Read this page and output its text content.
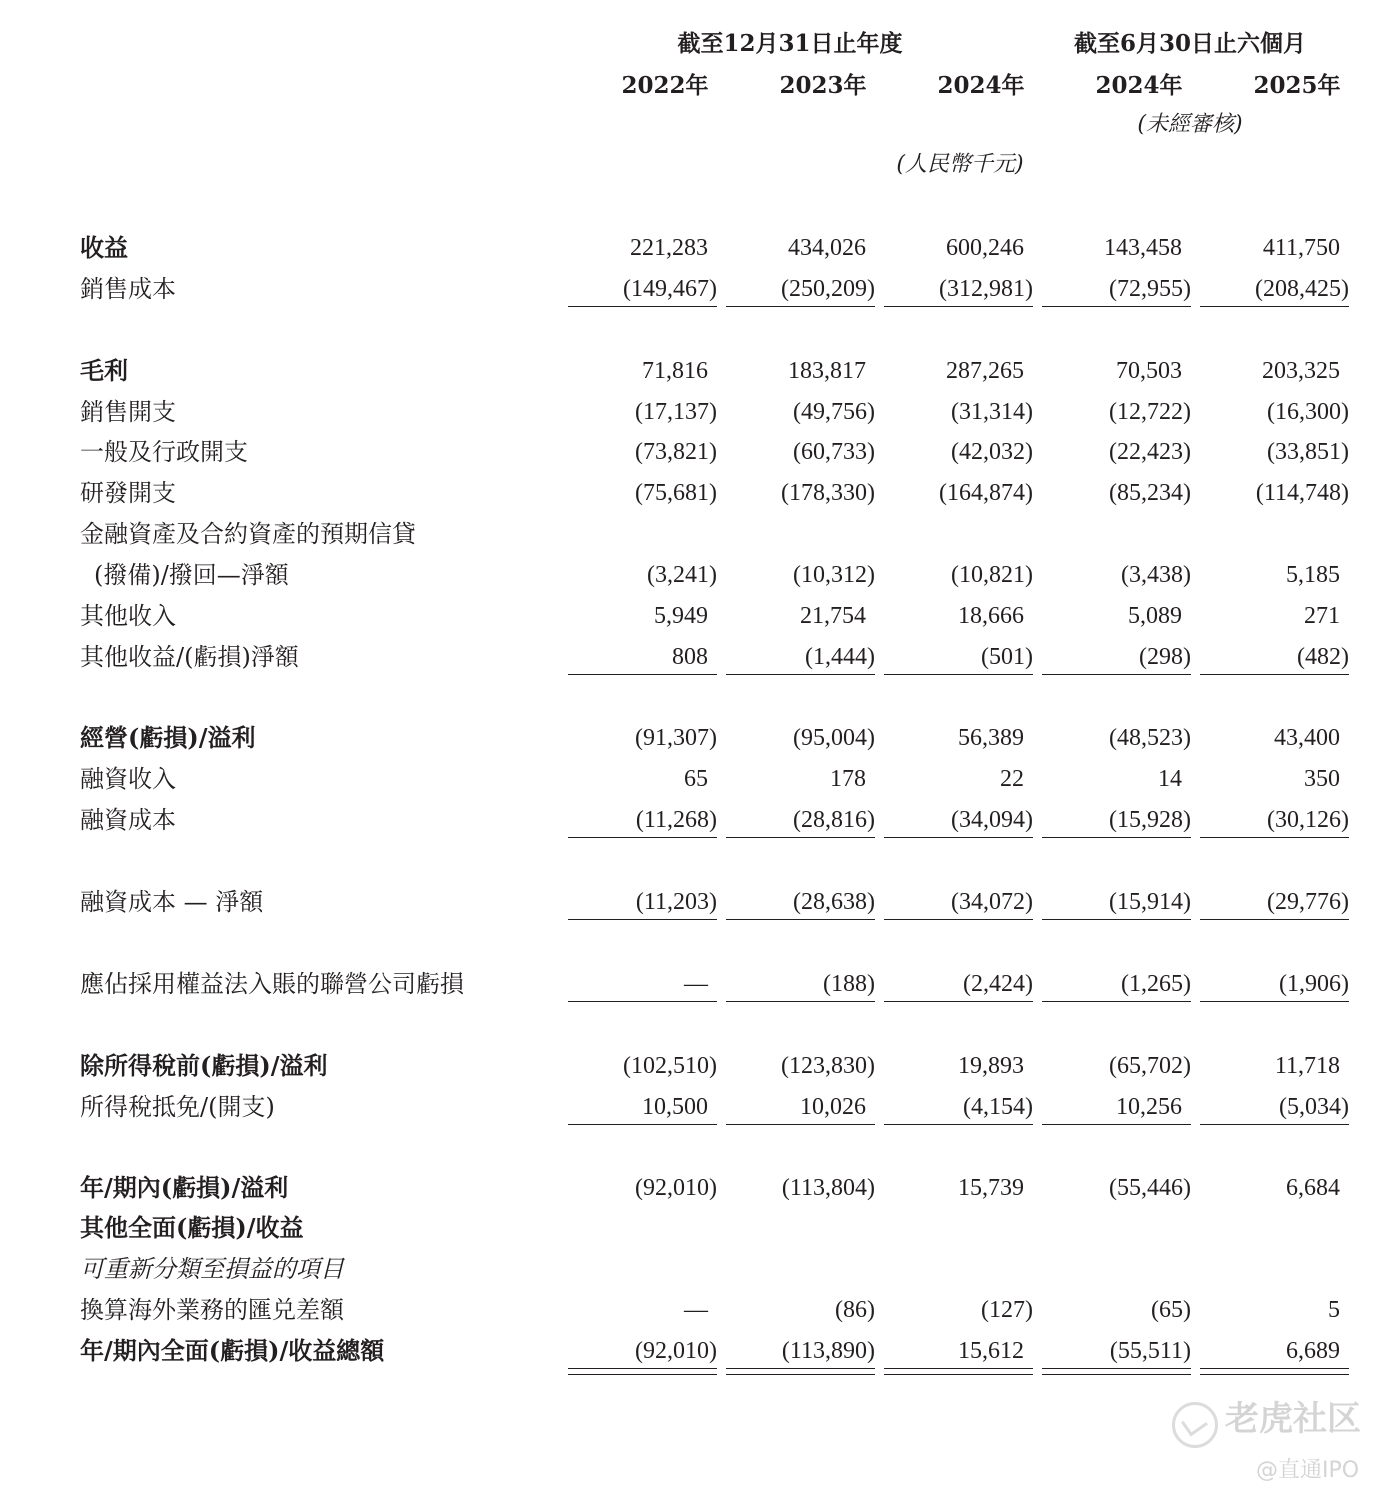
截至12月31日止年度	截至6月30日止六個月
2022年	2023年	2024年	2024年	2025年
(未經審核)
(人民幣千元)
收益	221,283	434,026	600,246	143,458	411,750
銷售成本	(149,467)	(250,209)	(312,981)	(72,955)	(208,425)
毛利	71,816	183,817	287,265	70,503	203,325
銷售開支	(17,137)	(49,756)	(31,314)	(12,722)	(16,300)
一般及行政開支	(73,821)	(60,733)	(42,032)	(22,423)	(33,851)
研發開支	(75,681)	(178,330)	(164,874)	(85,234)	(114,748)
金融資產及合約資產的預期信貸
(撥備)/撥回—淨額	(3,241)	(10,312)	(10,821)	(3,438)	5,185
其他收入	5,949	21,754	18,666	5,089	271
其他收益/(虧損)淨額	808	(1,444)	(501)	(298)	(482)
經營(虧損)/溢利	(91,307)	(95,004)	56,389	(48,523)	43,400
融資收入	65	178	22	14	350
融資成本	(11,268)	(28,816)	(34,094)	(15,928)	(30,126)
融資成本 — 淨額	(11,203)	(28,638)	(34,072)	(15,914)	(29,776)
應佔採用權益法入賬的聯營公司虧損	—	(188)	(2,424)	(1,265)	(1,906)
除所得稅前(虧損)/溢利	(102,510)	(123,830)	19,893	(65,702)	11,718
所得稅抵免/(開支)	10,500	10,026	(4,154)	10,256	(5,034)
年/期內(虧損)/溢利	(92,010)	(113,804)	15,739	(55,446)	6,684
其他全面(虧損)/收益
可重新分類至損益的項目
換算海外業務的匯兑差額	—	(86)	(127)	(65)	5
年/期內全面(虧損)/收益總額	(92,010)	(113,890)	15,612	(55,511)	6,689
老虎社区
@直通IPO
